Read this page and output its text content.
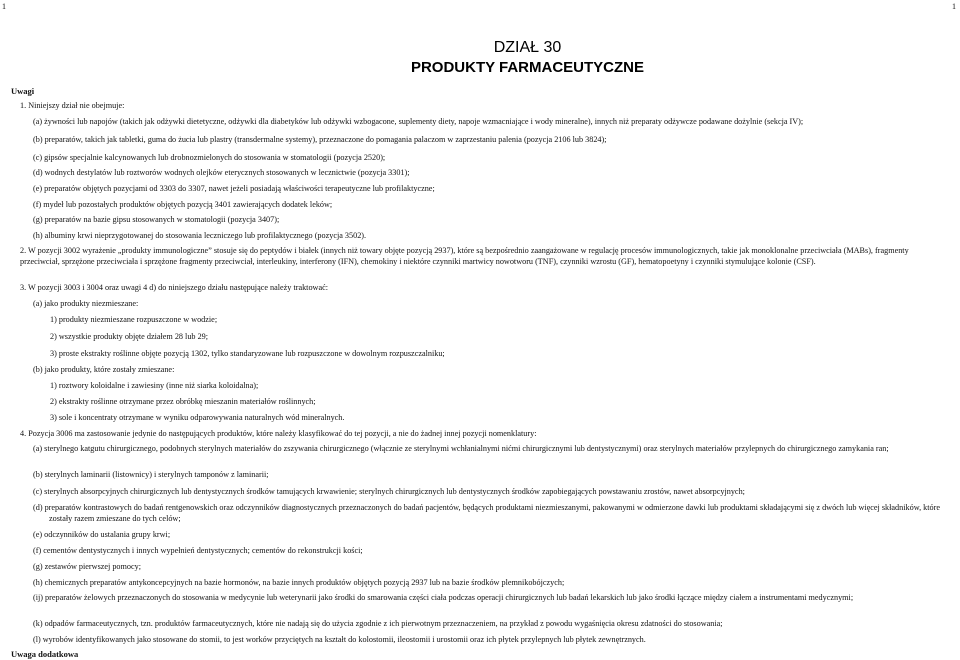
1	1
DZIAŁ 30
PRODUKTY FARMACEUTYCZNE
Uwagi
1. Niniejszy dział nie obejmuje:
(a) żywności lub napojów (takich jak odżywki dietetyczne, odżywki dla diabetyków lub odżywki wzbogacone, suplementy diety, napoje wzmacniające i wody mineralne), innych niż preparaty odżywcze podawane dożylnie (sekcja IV);
(b) preparatów, takich jak tabletki, guma do żucia lub plastry (transdermalne systemy), przeznaczone do pomagania palaczom w zaprzestaniu palenia (pozycja 2106 lub 3824);
(c) gipsów specjalnie kalcynowanych lub drobnozmielonych do stosowania w stomatologii (pozycja 2520);
(d) wodnych destylatów lub roztworów wodnych olejków eterycznych stosowanych w lecznictwie (pozycja 3301);
(e) preparatów objętych pozycjami od 3303 do 3307, nawet jeżeli posiadają właściwości terapeutyczne lub profilaktyczne;
(f) mydeł lub pozostałych produktów objętych pozycją 3401 zawierających dodatek leków;
(g) preparatów na bazie gipsu stosowanych w stomatologii (pozycja 3407);
(h) albuminy krwi nieprzygotowanej do stosowania leczniczego lub profilaktycznego (pozycja 3502).
2. W pozycji 3002 wyrażenie „produkty immunologiczne” stosuje się do peptydów i białek (innych niż towary objęte pozycją 2937), które są bezpośrednio zaangażowane w regulację procesów immunologicznych, takie jak monoklonalne przeciwciała (MABs), fragmenty przeciwciał, sprzężone przeciwciała i sprzężone fragmenty przeciwciał, interleukiny, interferony (IFN), chemokiny i niektóre czynniki martwicy nowotworu (TNF), czynniki wzrostu (GF), hematopoetyny i czynniki stymulujące kolonie (CSF).
3. W pozycji 3003 i 3004 oraz uwagi 4 d) do niniejszego działu następujące należy traktować:
(a) jako produkty niezmieszane:
1) produkty niezmieszane rozpuszczone w wodzie;
2) wszystkie produkty objęte działem 28 lub 29;
3) proste ekstrakty roślinne objęte pozycją 1302, tylko standaryzowane lub rozpuszczone w dowolnym rozpuszczalniku;
(b) jako produkty, które zostały zmieszane:
1) roztwory koloidalne i zawiesiny (inne niż siarka koloidalna);
2) ekstrakty roślinne otrzymane przez obróbkę mieszanin materiałów roślinnych;
3) sole i koncentraty otrzymane w wyniku odparowywania naturalnych wód mineralnych.
4. Pozycja 3006 ma zastosowanie jedynie do następujących produktów, które należy klasyfikować do tej pozycji, a nie do żadnej innej pozycji nomenklatury:
(a) sterylnego katgutu chirurgicznego, podobnych sterylnych materiałów do zszywania chirurgicznego (włącznie ze sterylnymi wchłanialnymi nićmi chirurgicznymi lub dentystycznymi) oraz sterylnych materiałów przylepnych do chirurgicznego zamykania ran;
(b) sterylnych laminarii (listownicy) i sterylnych tamponów z laminarii;
(c) sterylnych absorpcyjnych chirurgicznych lub dentystycznych środków tamujących krwawienie; sterylnych chirurgicznych lub dentystycznych środków zapobiegających powstawaniu zrostów, nawet absorpcyjnych;
(d) preparatów kontrastowych do badań rentgenowskich oraz odczynników diagnostycznych przeznaczonych do badań pacjentów, będących produktami niezmieszanymi, pakowanymi w odmierzone dawki lub produktami składającymi się z dwóch lub więcej składników, które zostały razem zmieszane do tych celów;
(e) odczynników do ustalania grupy krwi;
(f) cementów dentystycznych i innych wypełnień dentystycznych; cementów do rekonstrukcji kości;
(g) zestawów pierwszej pomocy;
(h) chemicznych preparatów antykoncepcyjnych na bazie hormonów, na bazie innych produktów objętych pozycją 2937 lub na bazie środków plemnikobójczych;
(ij) preparatów żelowych przeznaczonych do stosowania w medycynie lub weterynarii jako środki do smarowania części ciała podczas operacji chirurgicznych lub badań lekarskich lub jako środki łączące między ciałem a instrumentami medycznymi;
(k) odpadów farmaceutycznych, tzn. produktów farmaceutycznych, które nie nadają się do użycia zgodnie z ich pierwotnym przeznaczeniem, na przykład z powodu wygaśnięcia okresu zdatności do stosowania;
(l) wyrobów identyfikowanych jako stosowane do stomii, to jest worków przyciętych na kształt do kolostomii, ileostomii i urostomii oraz ich płytek przylepnych lub płytek zewnętrznych.
Uwaga dodatkowa
